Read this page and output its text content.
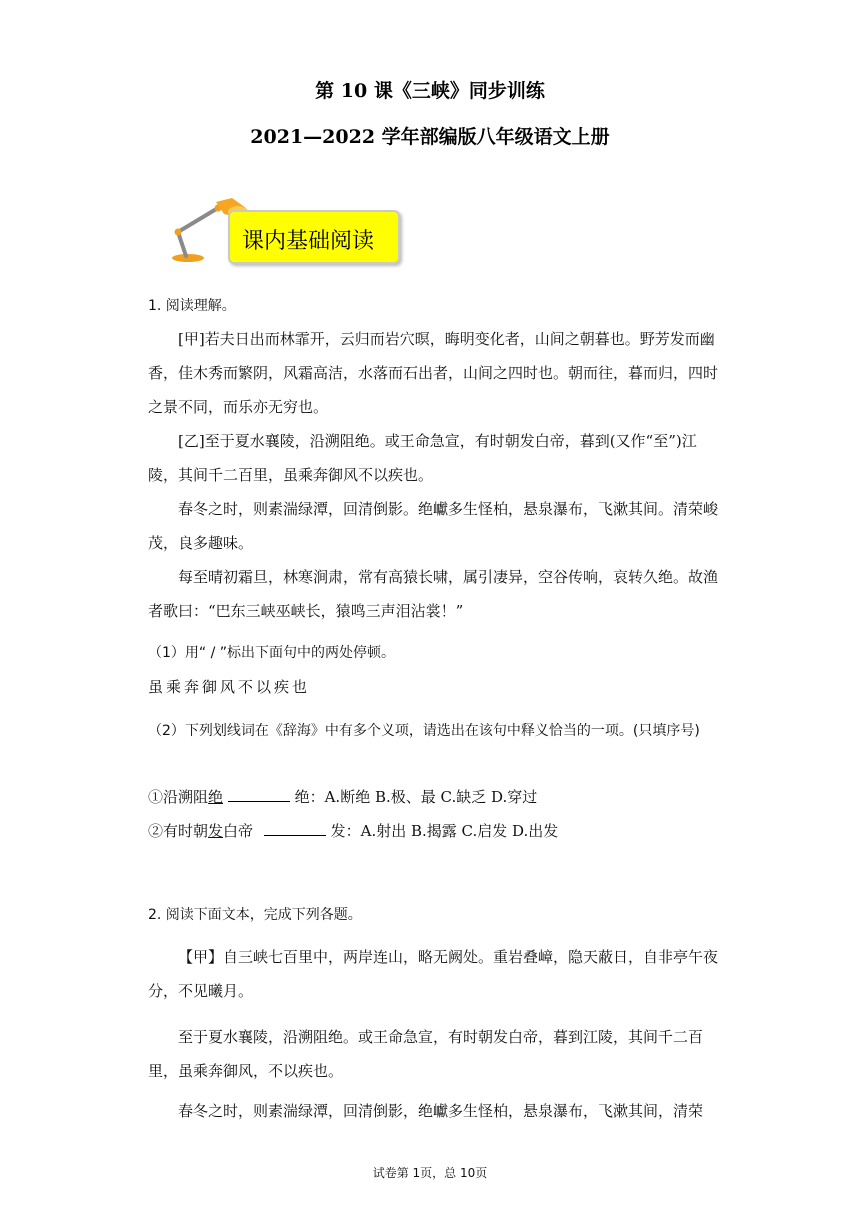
第 10 课《三峡》同步训练
2021—2022 学年部编版八年级语文上册
课内基础阅读

1. 阅读理解。

[甲]若夫日出而林霏开，云归而岩穴暝，晦明变化者，山间之朝暮也。野芳发而幽香，佳木秀而繁阴，风霜高洁，水落而石出者，山间之四时也。朝而往，暮而归，四时之景不同，而乐亦无穷也。

[乙]至于夏水襄陵，沿溯阻绝。或王命急宣，有时朝发白帝，暮到(又作“至”)江陵，其间千二百里，虽乘奔御风不以疾也。

春冬之时，则素湍绿潭，回清倒影。绝巘多生怪柏，悬泉瀑布，飞漱其间。清荣峻茂，良多趣味。

每至晴初霜旦，林寒涧肃，常有高猿长啸，属引凄异，空谷传响，哀转久绝。故渔者歌曰：“巴东三峡巫峡长，猿鸣三声泪沾裳！”

（1）用“ / ”标出下面句中的两处停顿。

虽乘奔御风不以疾也

（2）下列划线词在《辞海》中有多个义项，请选出在该句中释义恰当的一项。(只填序号)

①沿溯阻绝	绝：A.断绝 B.极、最 C.缺乏 D.穿过
②有时朝发白帝	发：A.射出 B.揭露 C.启发 D.出发

2. 阅读下面文本，完成下列各题。

【甲】自三峡七百里中，两岸连山，略无阙处。重岩叠嶂，隐天蔽日，自非亭午夜分，不见曦月。

至于夏水襄陵，沿溯阻绝。或王命急宣，有时朝发白帝，暮到江陵，其间千二百里，虽乘奔御风，不以疾也。

春冬之时，则素湍绿潭，回清倒影，绝巘多生怪柏，悬泉瀑布，飞漱其间，清荣

试卷第 1页，总 10页
